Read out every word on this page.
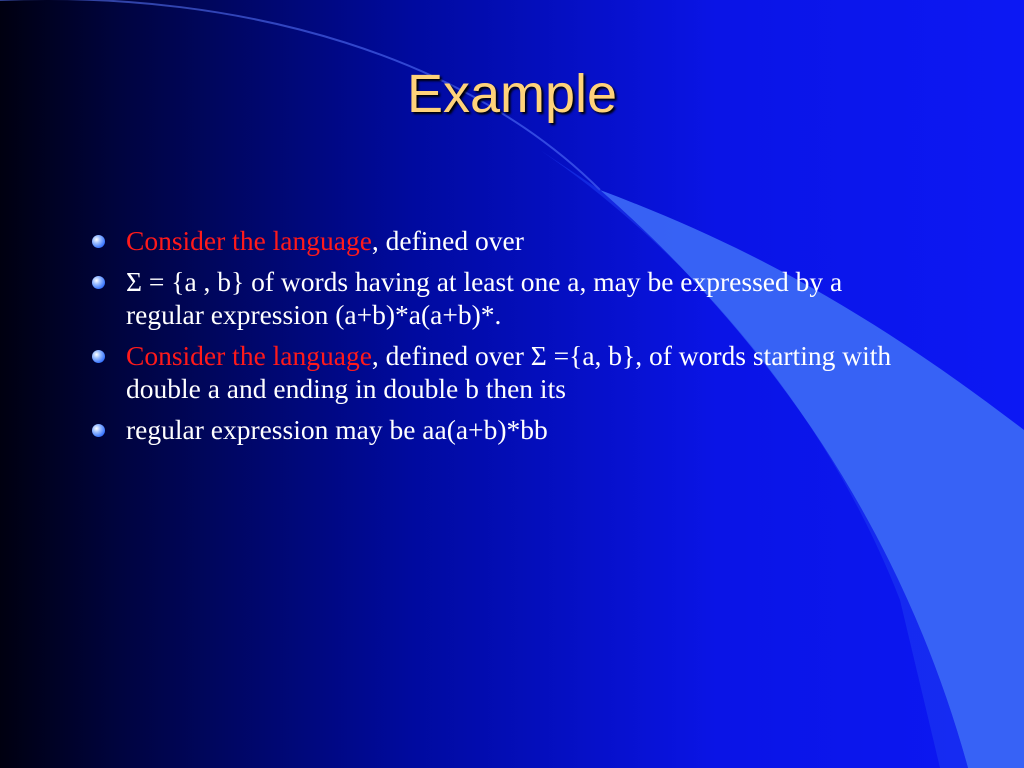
Example
Consider the language, defined over
Σ = {a , b} of words having at least one a, may be expressed by a regular expression (a+b)*a(a+b)*.
Consider the language, defined over Σ ={a, b}, of words starting with double a and ending in double b then its
regular expression may be aa(a+b)*bb
